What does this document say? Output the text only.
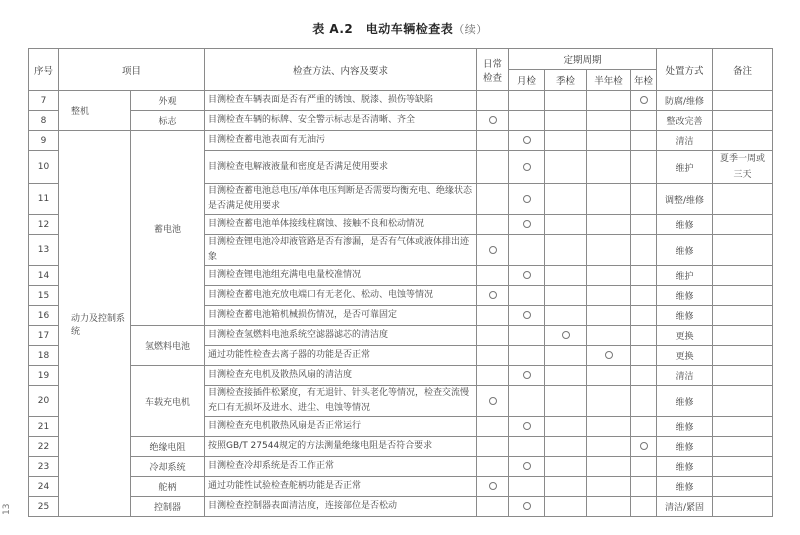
表 A.2　电动车辆检查表（续）
序号	项目		检查方法、内容及要求	日常检查	定期周期				处置方式	备注
					月检	季检	半年检	年检		
7	整机	外观	目测检查车辆表面是否有严重的锈蚀、脱漆、损伤等缺陷						防腐/维修	
8		标志	目测检查车辆的标牌、安全警示标志是否清晰、齐全						整改完善	
9	动力及控制系统	蓄电池	目测检查蓄电池表面有无油污						清洁	
10			目测检查电解液液量和密度是否满足使用要求						维护	夏季一周或三天
11			目测检查蓄电池总电压/单体电压判断是否需要均衡充电、绝缘状态是否满足使用要求						调整/维修	
12			目测检查蓄电池单体接线柱腐蚀、接触不良和松动情况						维修	
13			目测检查锂电池冷却液管路是否有渗漏，是否有气体或液体排出迹象						维修	
14			目测检查锂电池组充满电电量校准情况						维护	
15			目测检查蓄电池充放电端口有无老化、松动、电蚀等情况						维修	
16			目测检查蓄电池箱机械损伤情况，是否可靠固定						维修	
17		氢燃料电池	目测检查氢燃料电池系统空滤器滤芯的清洁度						更换	
18			通过功能性检查去离子器的功能是否正常						更换	
19		车载充电机	目测检查充电机及散热风扇的清洁度						清洁	
20			目测检查接插件松紧度，有无退针、针头老化等情况，检查交流慢充口有无损坏及进水、进尘、电蚀等情况						维修	
21			目测检查充电机散热风扇是否正常运行						维修	
22		绝缘电阻	按照GB/T 27544规定的方法测量绝缘电阻是否符合要求						维修	
23		冷却系统	目测检查冷却系统是否工作正常						维修	
24		舵柄	通过功能性试验检查舵柄功能是否正常						维修	
25		控制器	目测检查控制器表面清洁度，连接部位是否松动						清洁/紧固	
13
